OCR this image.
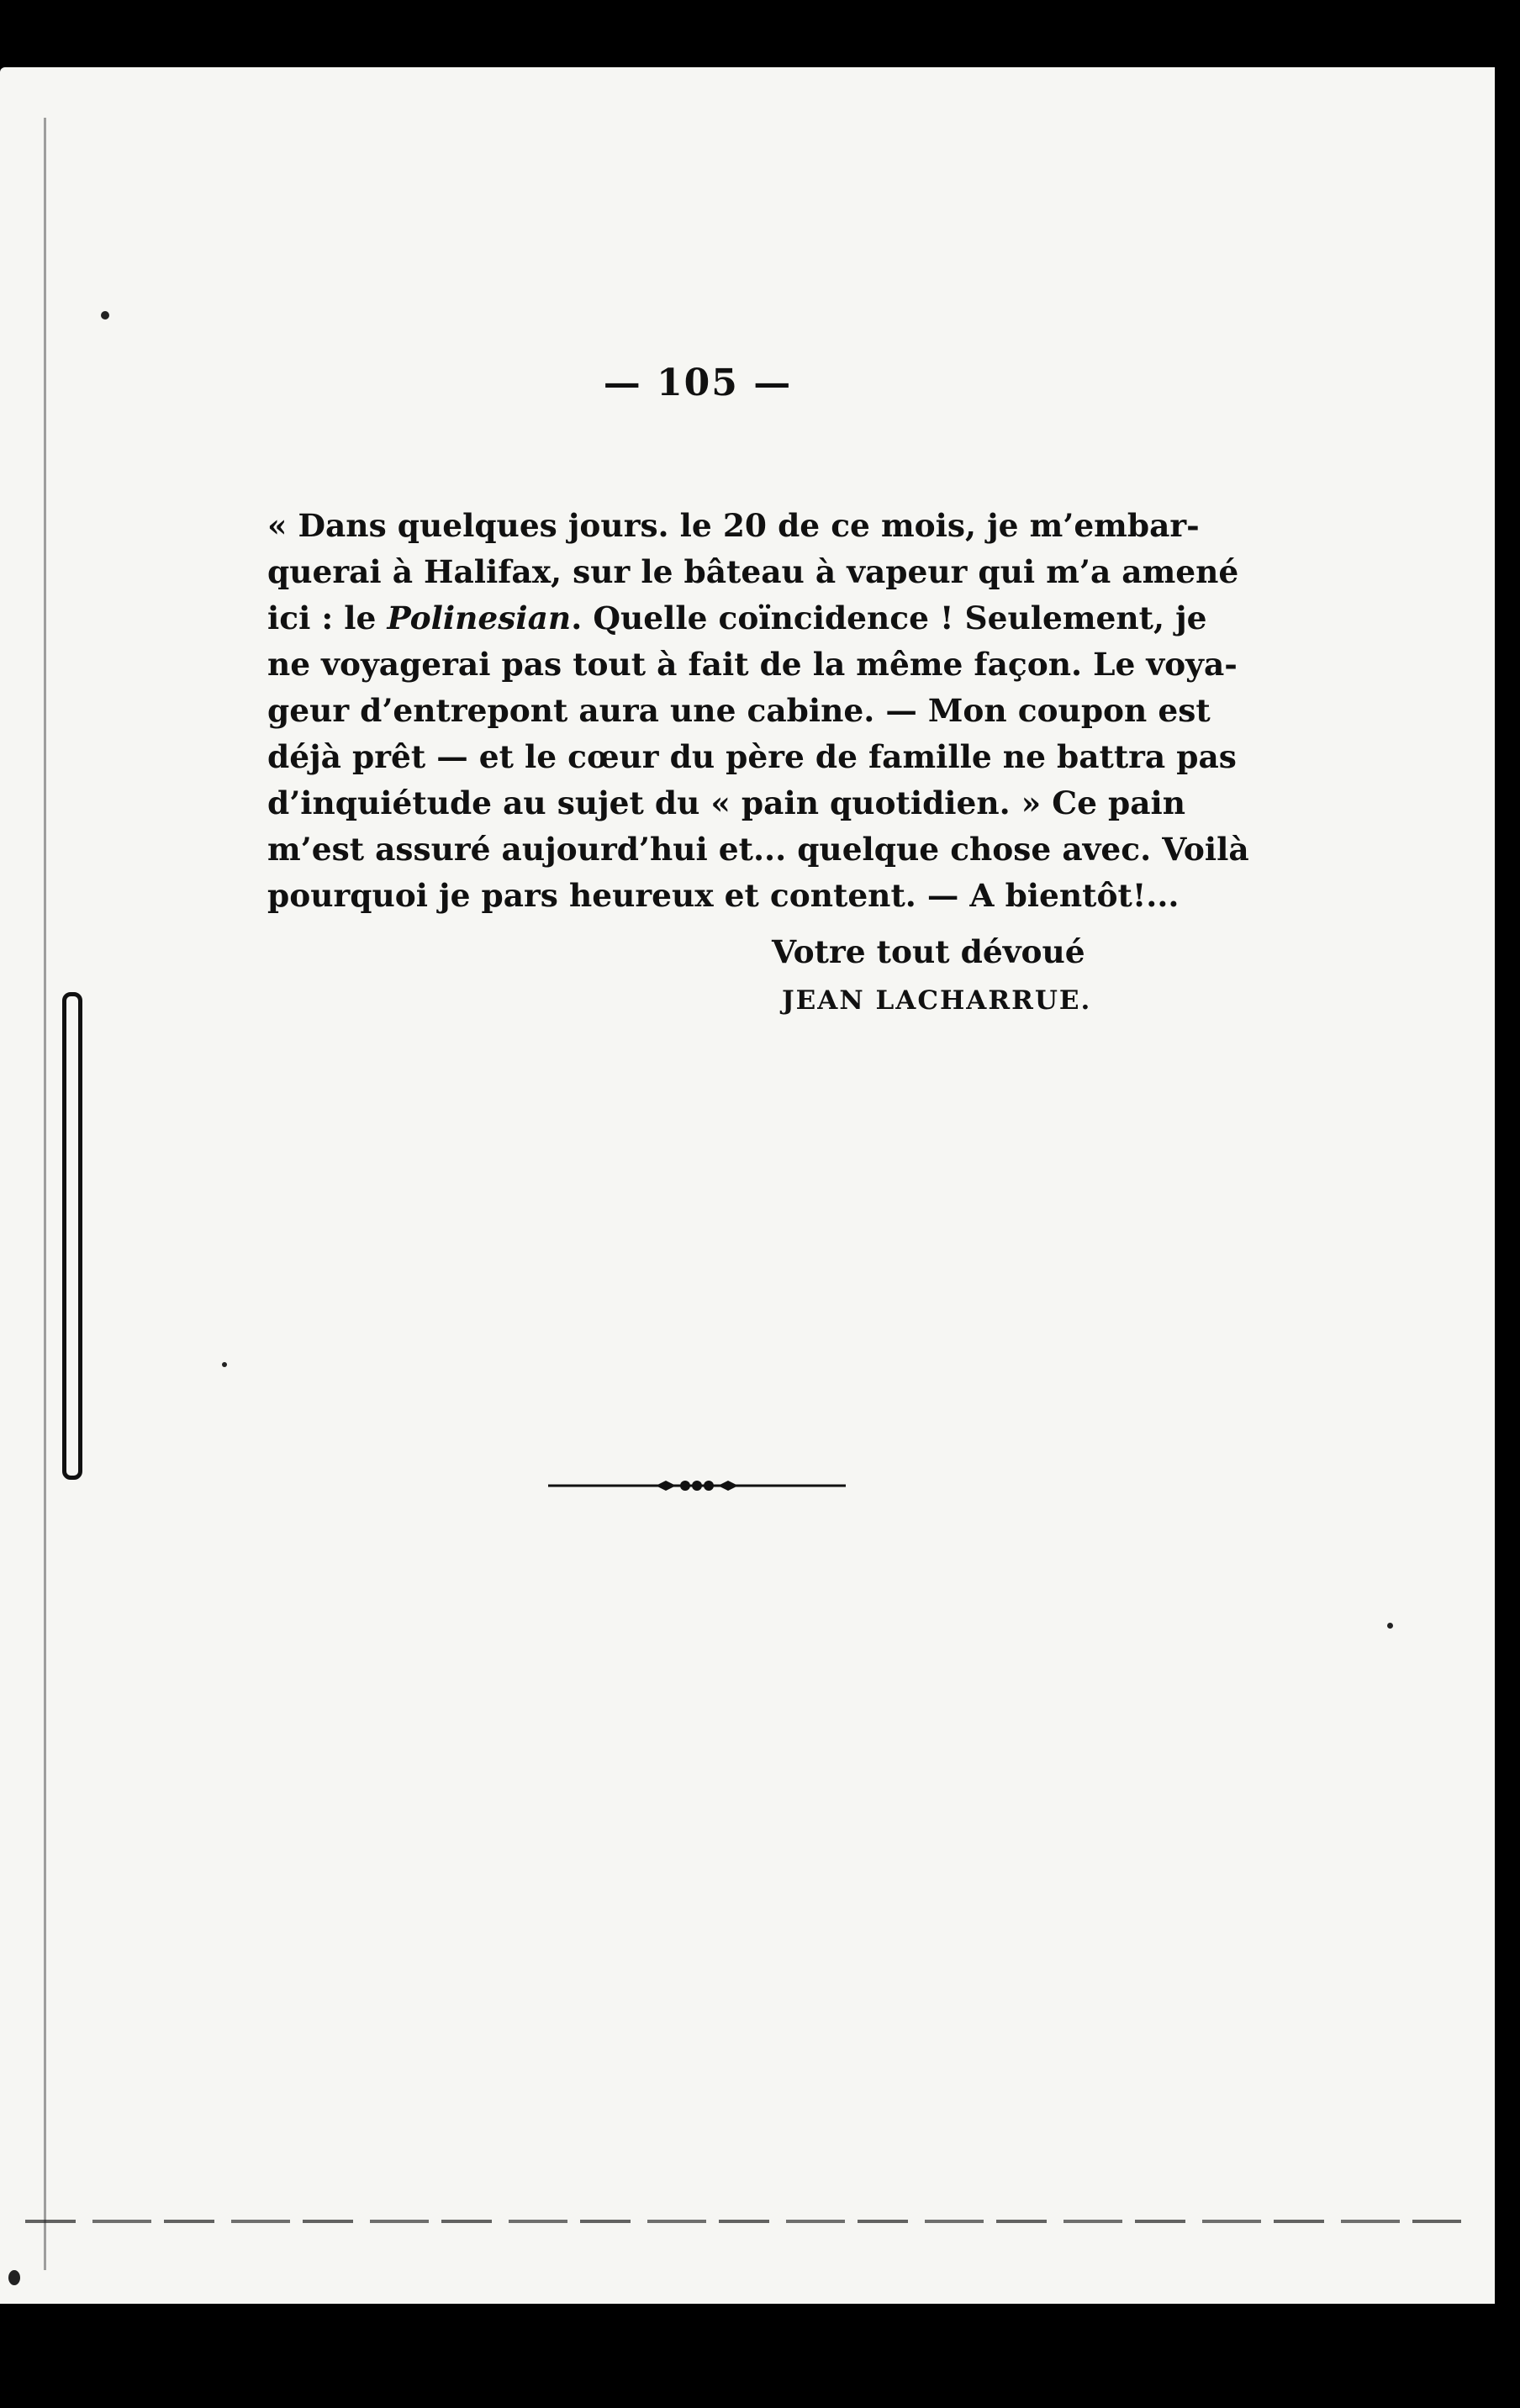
— 105 —
« Dans quelques jours. le 20 de ce mois, je m’embar-
querai à Halifax, sur le bâteau à vapeur qui m’a amené
ici : le Polinesian. Quelle coïncidence ! Seulement, je
ne voyagerai pas tout à fait de la même façon. Le voya-
geur d’entrepont aura une cabine. — Mon coupon est
déjà prêt — et le cœur du père de famille ne battra pas
d’inquiétude au sujet du « pain quotidien. » Ce pain
m’est assuré aujourd’hui et... quelque chose avec. Voilà
pourquoi je pars heureux et content. — A bientôt!...
Votre tout dévoué
JEAN LACHARRUE.
